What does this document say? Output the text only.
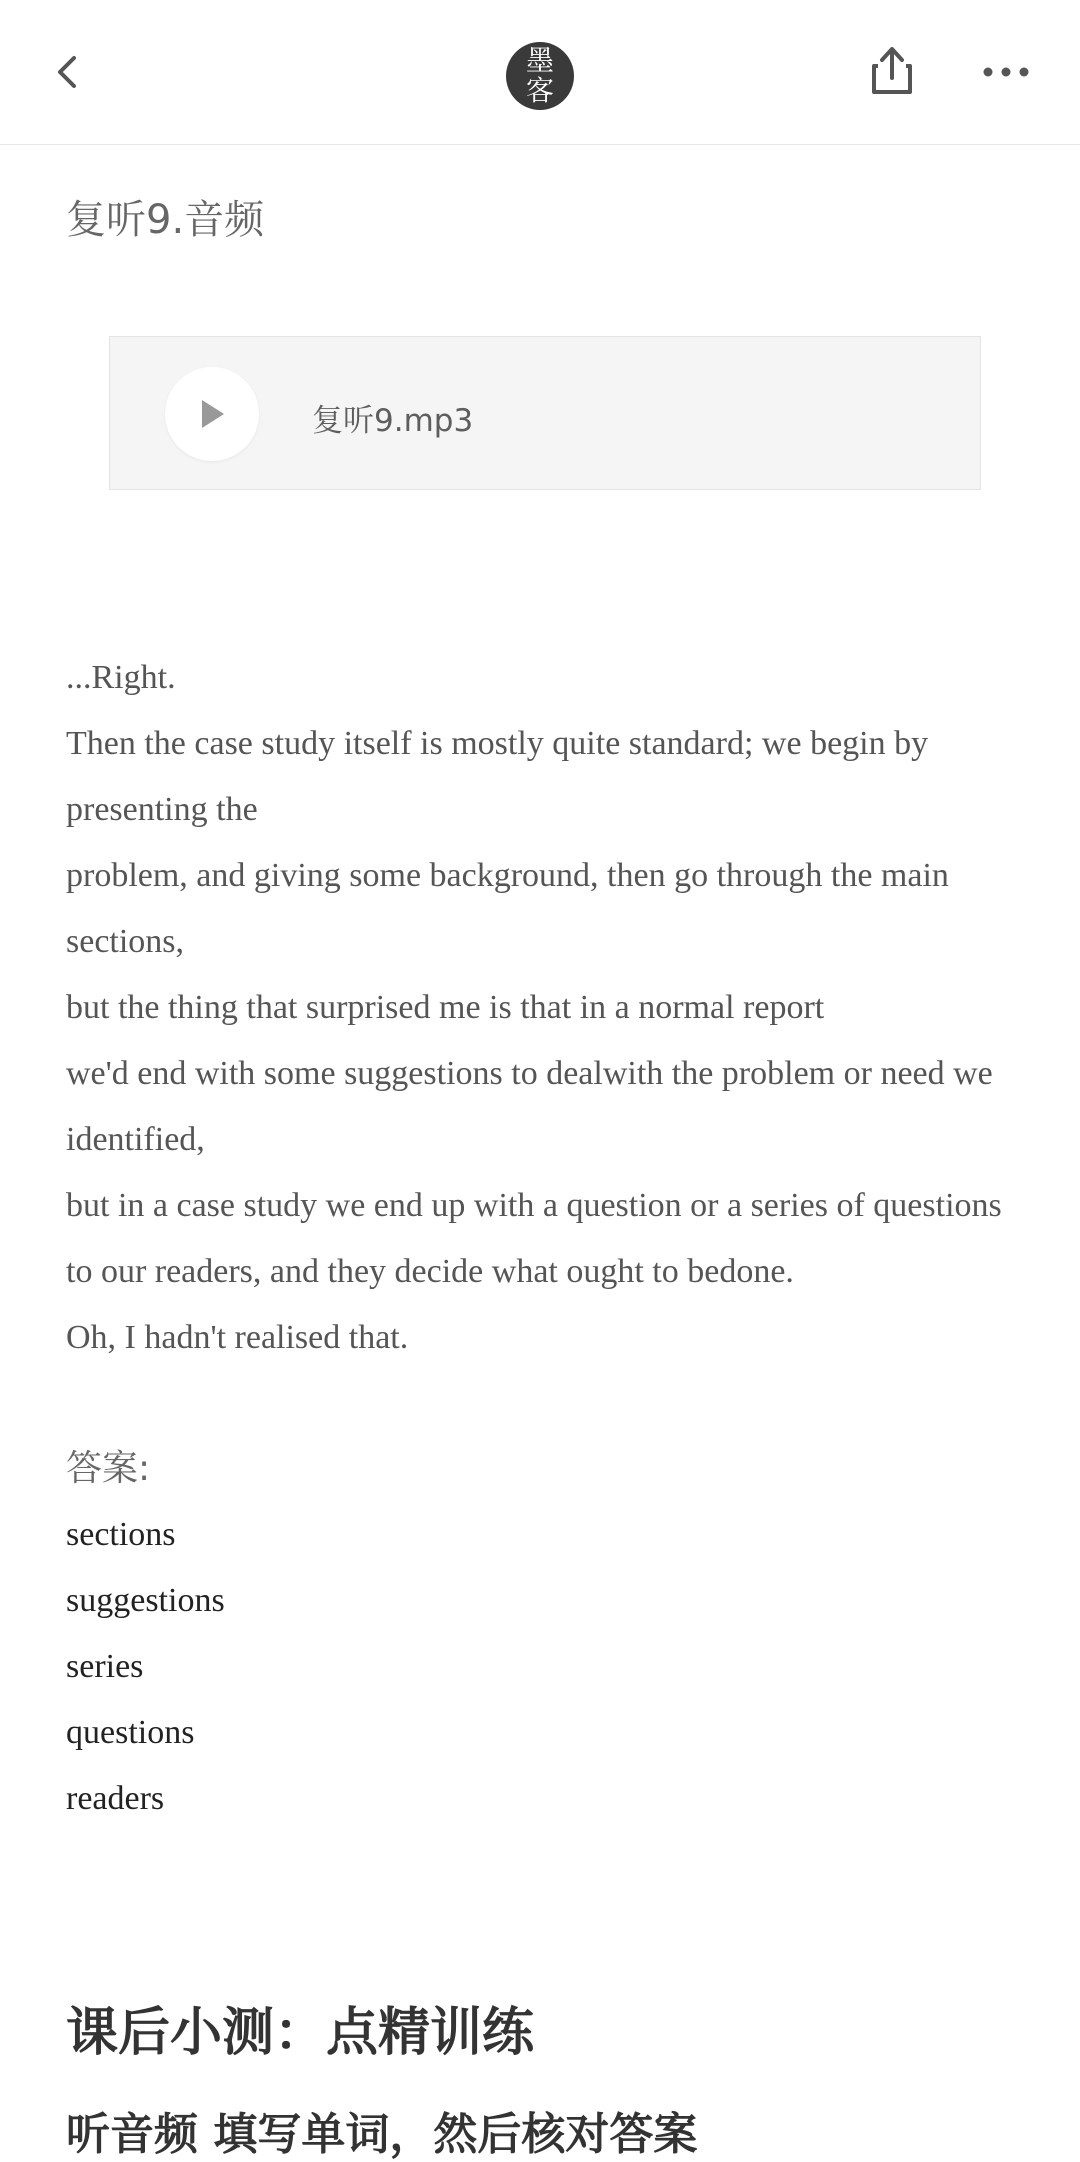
墨
客
复听9.音频
复听9.mp3

...Right.

Then the case study itself is mostly quite standard; we begin by presenting the

problem, and giving some background, then go through the main sections,

but the thing that surprised me is that in a normal report

we'd end with some suggestions to dealwith the problem or need we identified,

but in a case study we end up with a question or a series of questions to our readers, and they decide what ought to bedone.

Oh, I hadn't realised that.

答案:

sections
suggestions
series
questions
readers
课后小测：点精训练

听音频 填写单词，然后核对答案
